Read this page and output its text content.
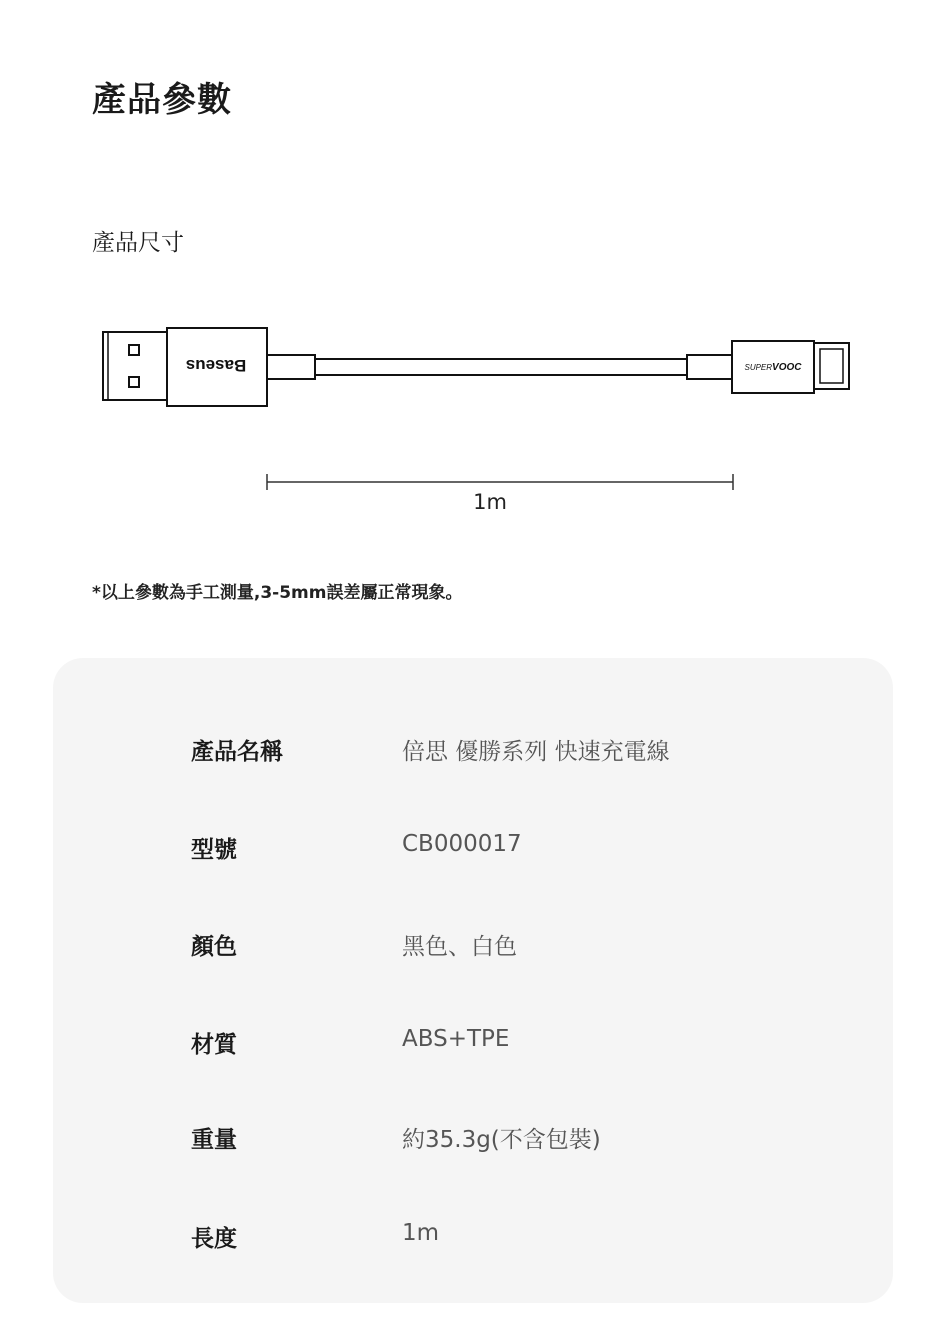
產品參數
產品尺寸
Baseus	SUPERVOOC
1m
*以上參數為手工測量,3-5mm誤差屬正常現象。
產品名稱	倍思 優勝系列 快速充電線
型號	CB000017
顏色	黑色、白色
材質	ABS+TPE
重量	約35.3g(不含包裝)
長度	1m
